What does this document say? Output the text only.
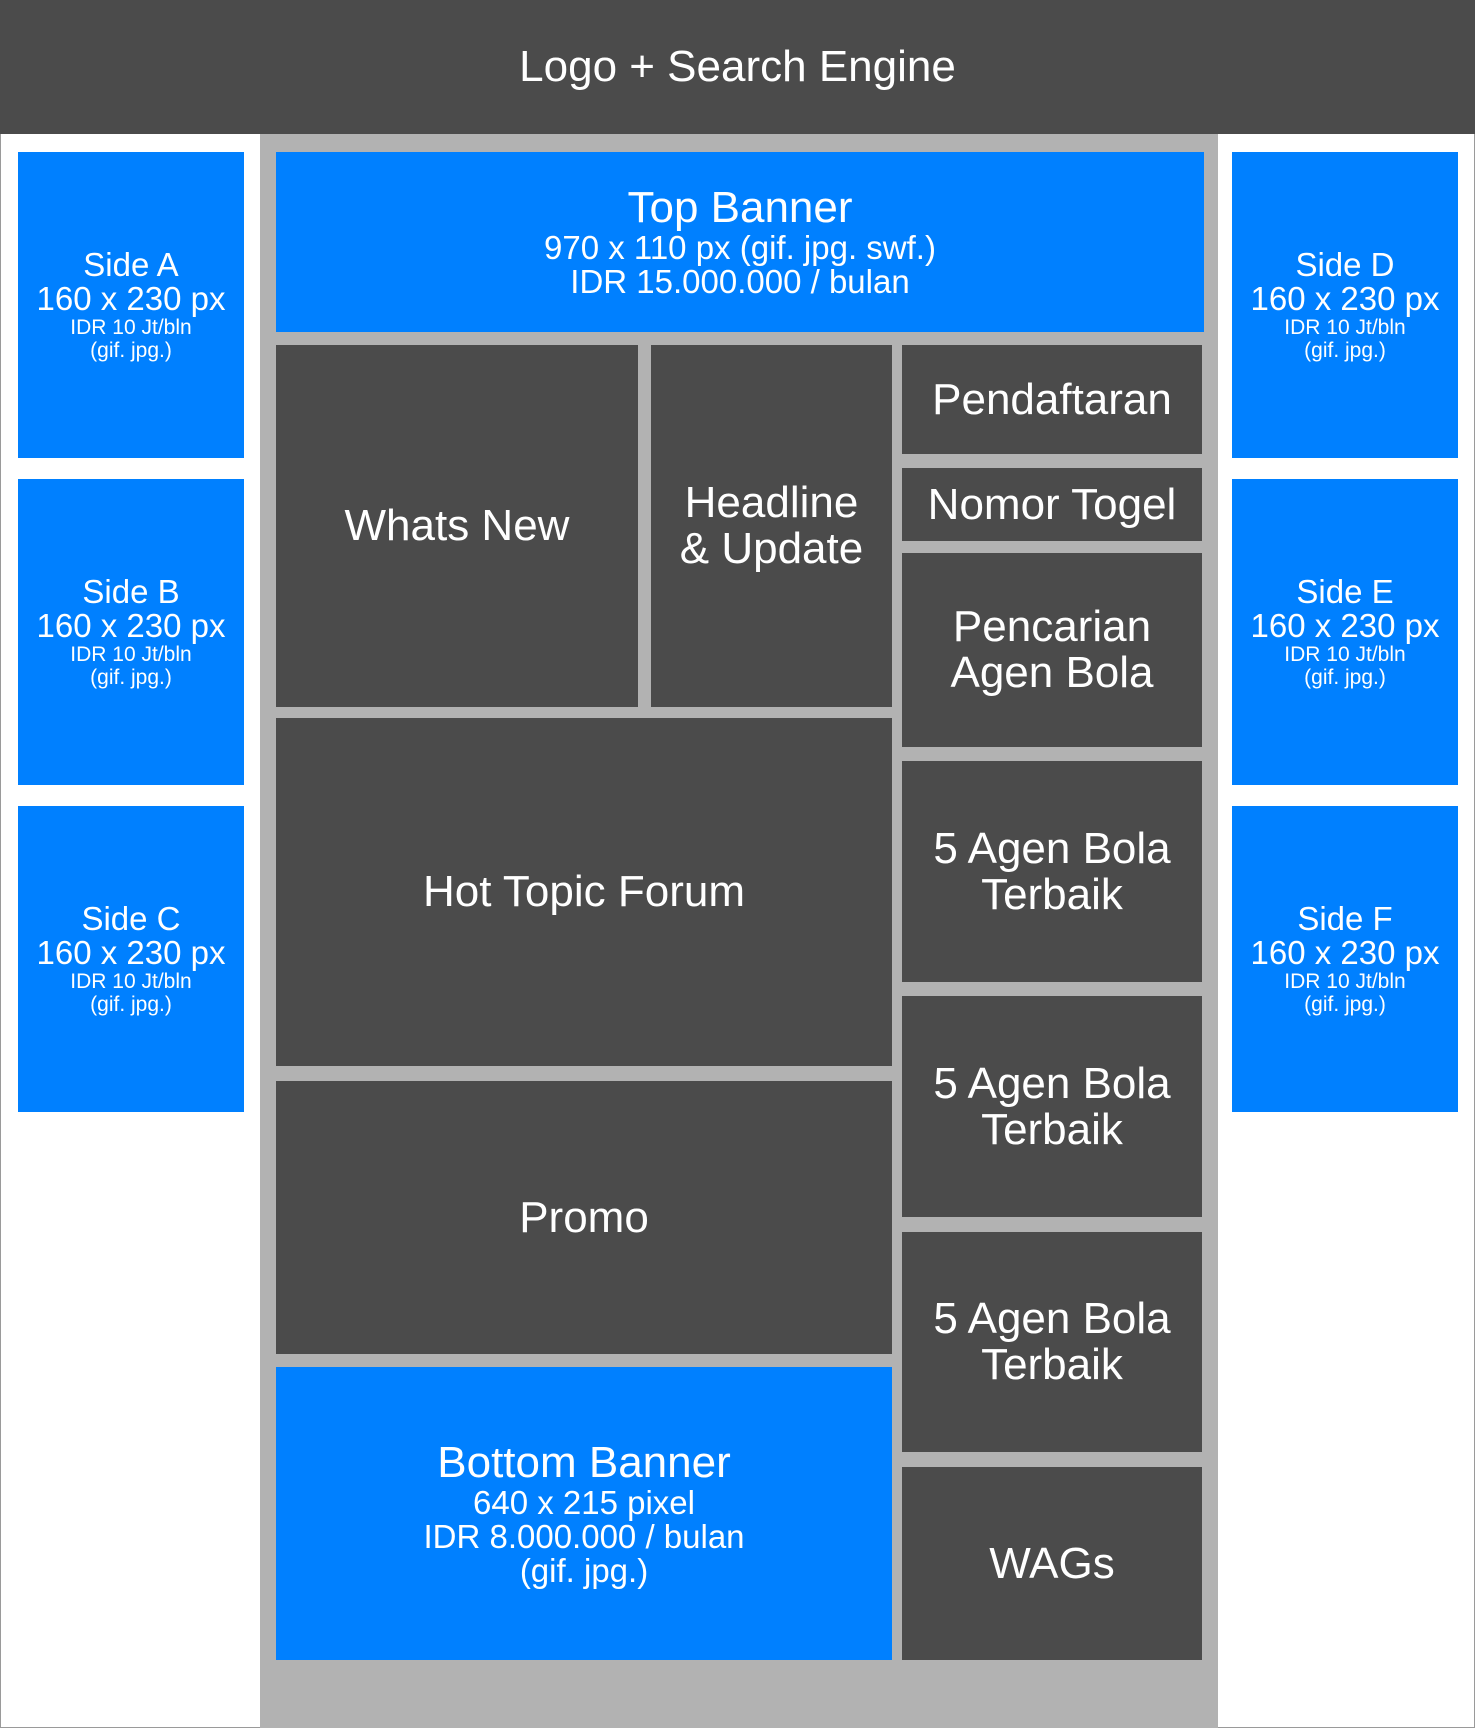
Logo + Search Engine
Side A
160 x 230 px
IDR 10 Jt/bln
(gif. jpg.)
Side B
160 x 230 px
IDR 10 Jt/bln
(gif. jpg.)
Side C
160 x 230 px
IDR 10 Jt/bln
(gif. jpg.)
Side D
160 x 230 px
IDR 10 Jt/bln
(gif. jpg.)
Side E
160 x 230 px
IDR 10 Jt/bln
(gif. jpg.)
Side F
160 x 230 px
IDR 10 Jt/bln
(gif. jpg.)
Top Banner
970 x 110 px (gif. jpg. swf.)
IDR 15.000.000 / bulan
Whats New	Headline
& Update
Pendaftaran
Nomor Togel
Pencarian
Agen Bola
5 Agen Bola
Terbaik
5 Agen Bola
Terbaik
5 Agen Bola
Terbaik
Hot Topic Forum
Promo
WAGs
Bottom Banner
640 x 215 pixel
IDR 8.000.000 / bulan
(gif. jpg.)
